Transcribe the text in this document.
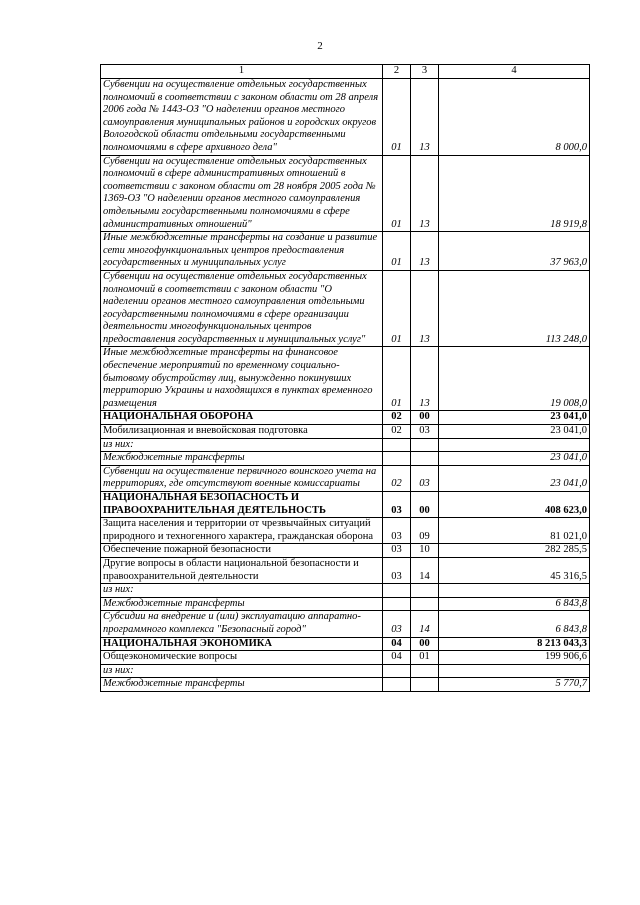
2
1	2	3	4
Субвенции на осуществление отдельных государственных полномочий в соответствии с законом области от 28 апреля 2006 года № 1443-ОЗ "О наделении органов местного самоуправления муниципальных районов и городских округов Вологодской области отдельными государственными полномочиями в сфере архивного дела"	01	13	8 000,0
Субвенции на осуществление отдельных государственных полномочий в сфере административных отношений в соответствии с законом области от 28 ноября 2005 года № 1369-ОЗ "О наделении органов местного самоуправления отдельными государственными полномочиями в сфере административных отношений"	01	13	18 919,8
Иные межбюджетные трансферты на создание и развитие сети многофункциональных центров предоставления государственных и муниципальных услуг	01	13	37 963,0
Субвенции на осуществление отдельных государственных полномочий в соответствии с законом области "О наделении органов местного самоуправления отдельными государственными полномочиями в сфере организации деятельности многофункциональных центров предоставления государственных и муниципальных услуг"	01	13	113 248,0
Иные межбюджетные трансферты на финансовое обеспечение мероприятий по временному социально-бытовому обустройству лиц, вынужденно покинувших территорию Украины и находящихся в пунктах временного размещения	01	13	19 008,0
НАЦИОНАЛЬНАЯ ОБОРОНА	02	00	23 041,0
Мобилизационная и вневойсковая подготовка	02	03	23 041,0
из них:			
Межбюджетные трансферты			23 041,0
Субвенции на осуществление первичного воинского учета на территориях, где отсутствуют военные комиссариаты	02	03	23 041,0
НАЦИОНАЛЬНАЯ БЕЗОПАСНОСТЬ И ПРАВООХРАНИТЕЛЬНАЯ ДЕЯТЕЛЬНОСТЬ	03	00	408 623,0
Защита населения и территории от чрезвычайных ситуаций природного и техногенного характера, гражданская оборона	03	09	81 021,0
Обеспечение пожарной безопасности	03	10	282 285,5
Другие вопросы в области национальной безопасности и правоохранительной деятельности	03	14	45 316,5
из них:			
Межбюджетные трансферты			6 843,8
Субсидии на внедрение и (или) эксплуатацию аппаратно-программного комплекса "Безопасный город"	03	14	6 843,8
НАЦИОНАЛЬНАЯ ЭКОНОМИКА	04	00	8 213 043,3
Общеэкономические вопросы	04	01	199 906,6
из них:			
Межбюджетные трансферты			5 770,7
